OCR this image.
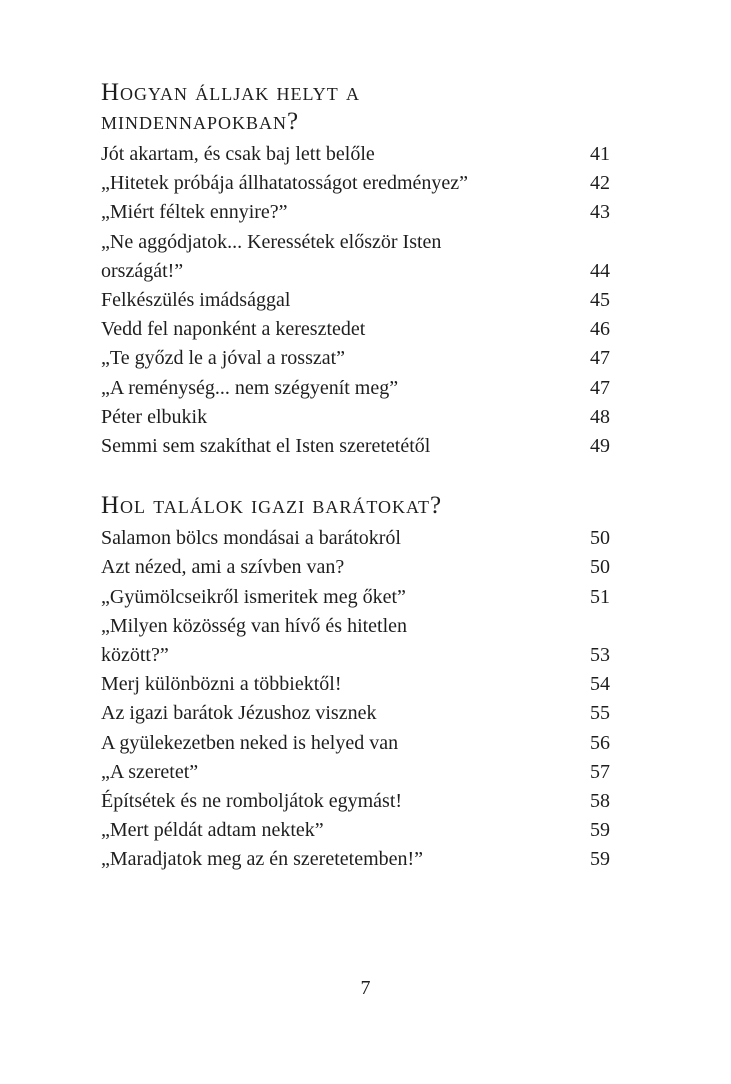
Hogyan álljak helyt a mindennapokban?
Jót akartam, és csak baj lett belőle	41
„Hitetek próbája állhatatosságot eredményez”	42
„Miért féltek ennyire?”	43
„Ne aggódjatok... Keressétek először Isten országát!”	44
Felkészülés imádsággal	45
Vedd fel naponként a keresztedet	46
„Te győzd le a jóval a rosszat”	47
„A reménység... nem szégyenít meg”	47
Péter elbukik	48
Semmi sem szakíthat el Isten szeretetétől	49
Hol találok igazi barátokat?
Salamon bölcs mondásai a barátokról	50
Azt nézed, ami a szívben van?	50
„Gyümölcseikről ismeritek meg őket”	51
„Milyen közösség van hívő és hitetlen között?”	53
Merj különbözni a többiektől!	54
Az igazi barátok Jézushoz visznek	55
A gyülekezetben neked is helyed van	56
„A szeretet”	57
Építsétek és ne romboljátok egymást!	58
„Mert példát adtam nektek”	59
„Maradjatok meg az én szeretetemben!”	59
7
